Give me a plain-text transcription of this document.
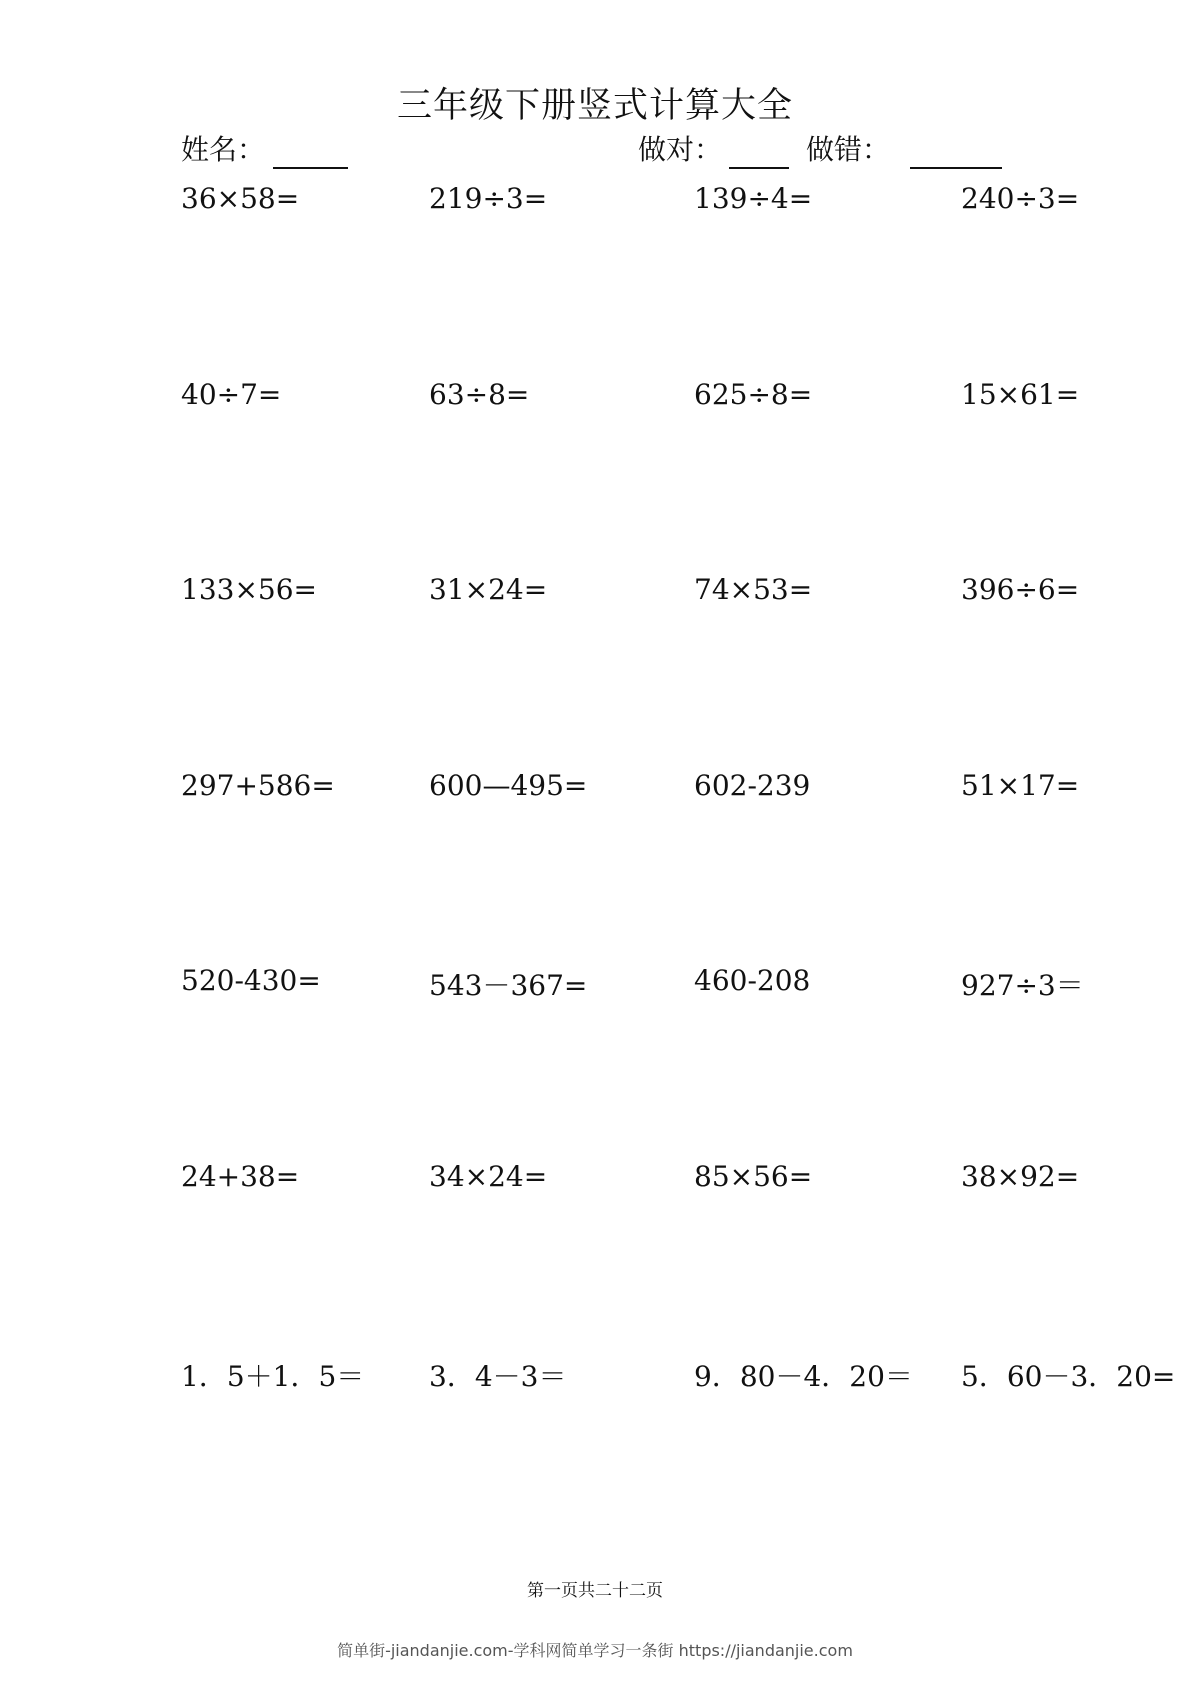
三年级下册竖式计算大全
姓名：	做对：	做错：
36×58=	219÷3=	139÷4=	240÷3=
40÷7=	63÷8=	625÷8=	15×61=
133×56=	31×24=	74×53=	396÷6=
297+586=	600—495=	602-239	51×17=
520-430=	543－367=	460-208	927÷3＝
24+38=	34×24=	85×56=	38×92=
1．5＋1．5＝ 3．4－3＝	9．80－4．20＝ 5．60－3．20=
第一页共二十二页
简单街-jiandanjie.com-学科网简单学习一条街 https://jiandanjie.com
